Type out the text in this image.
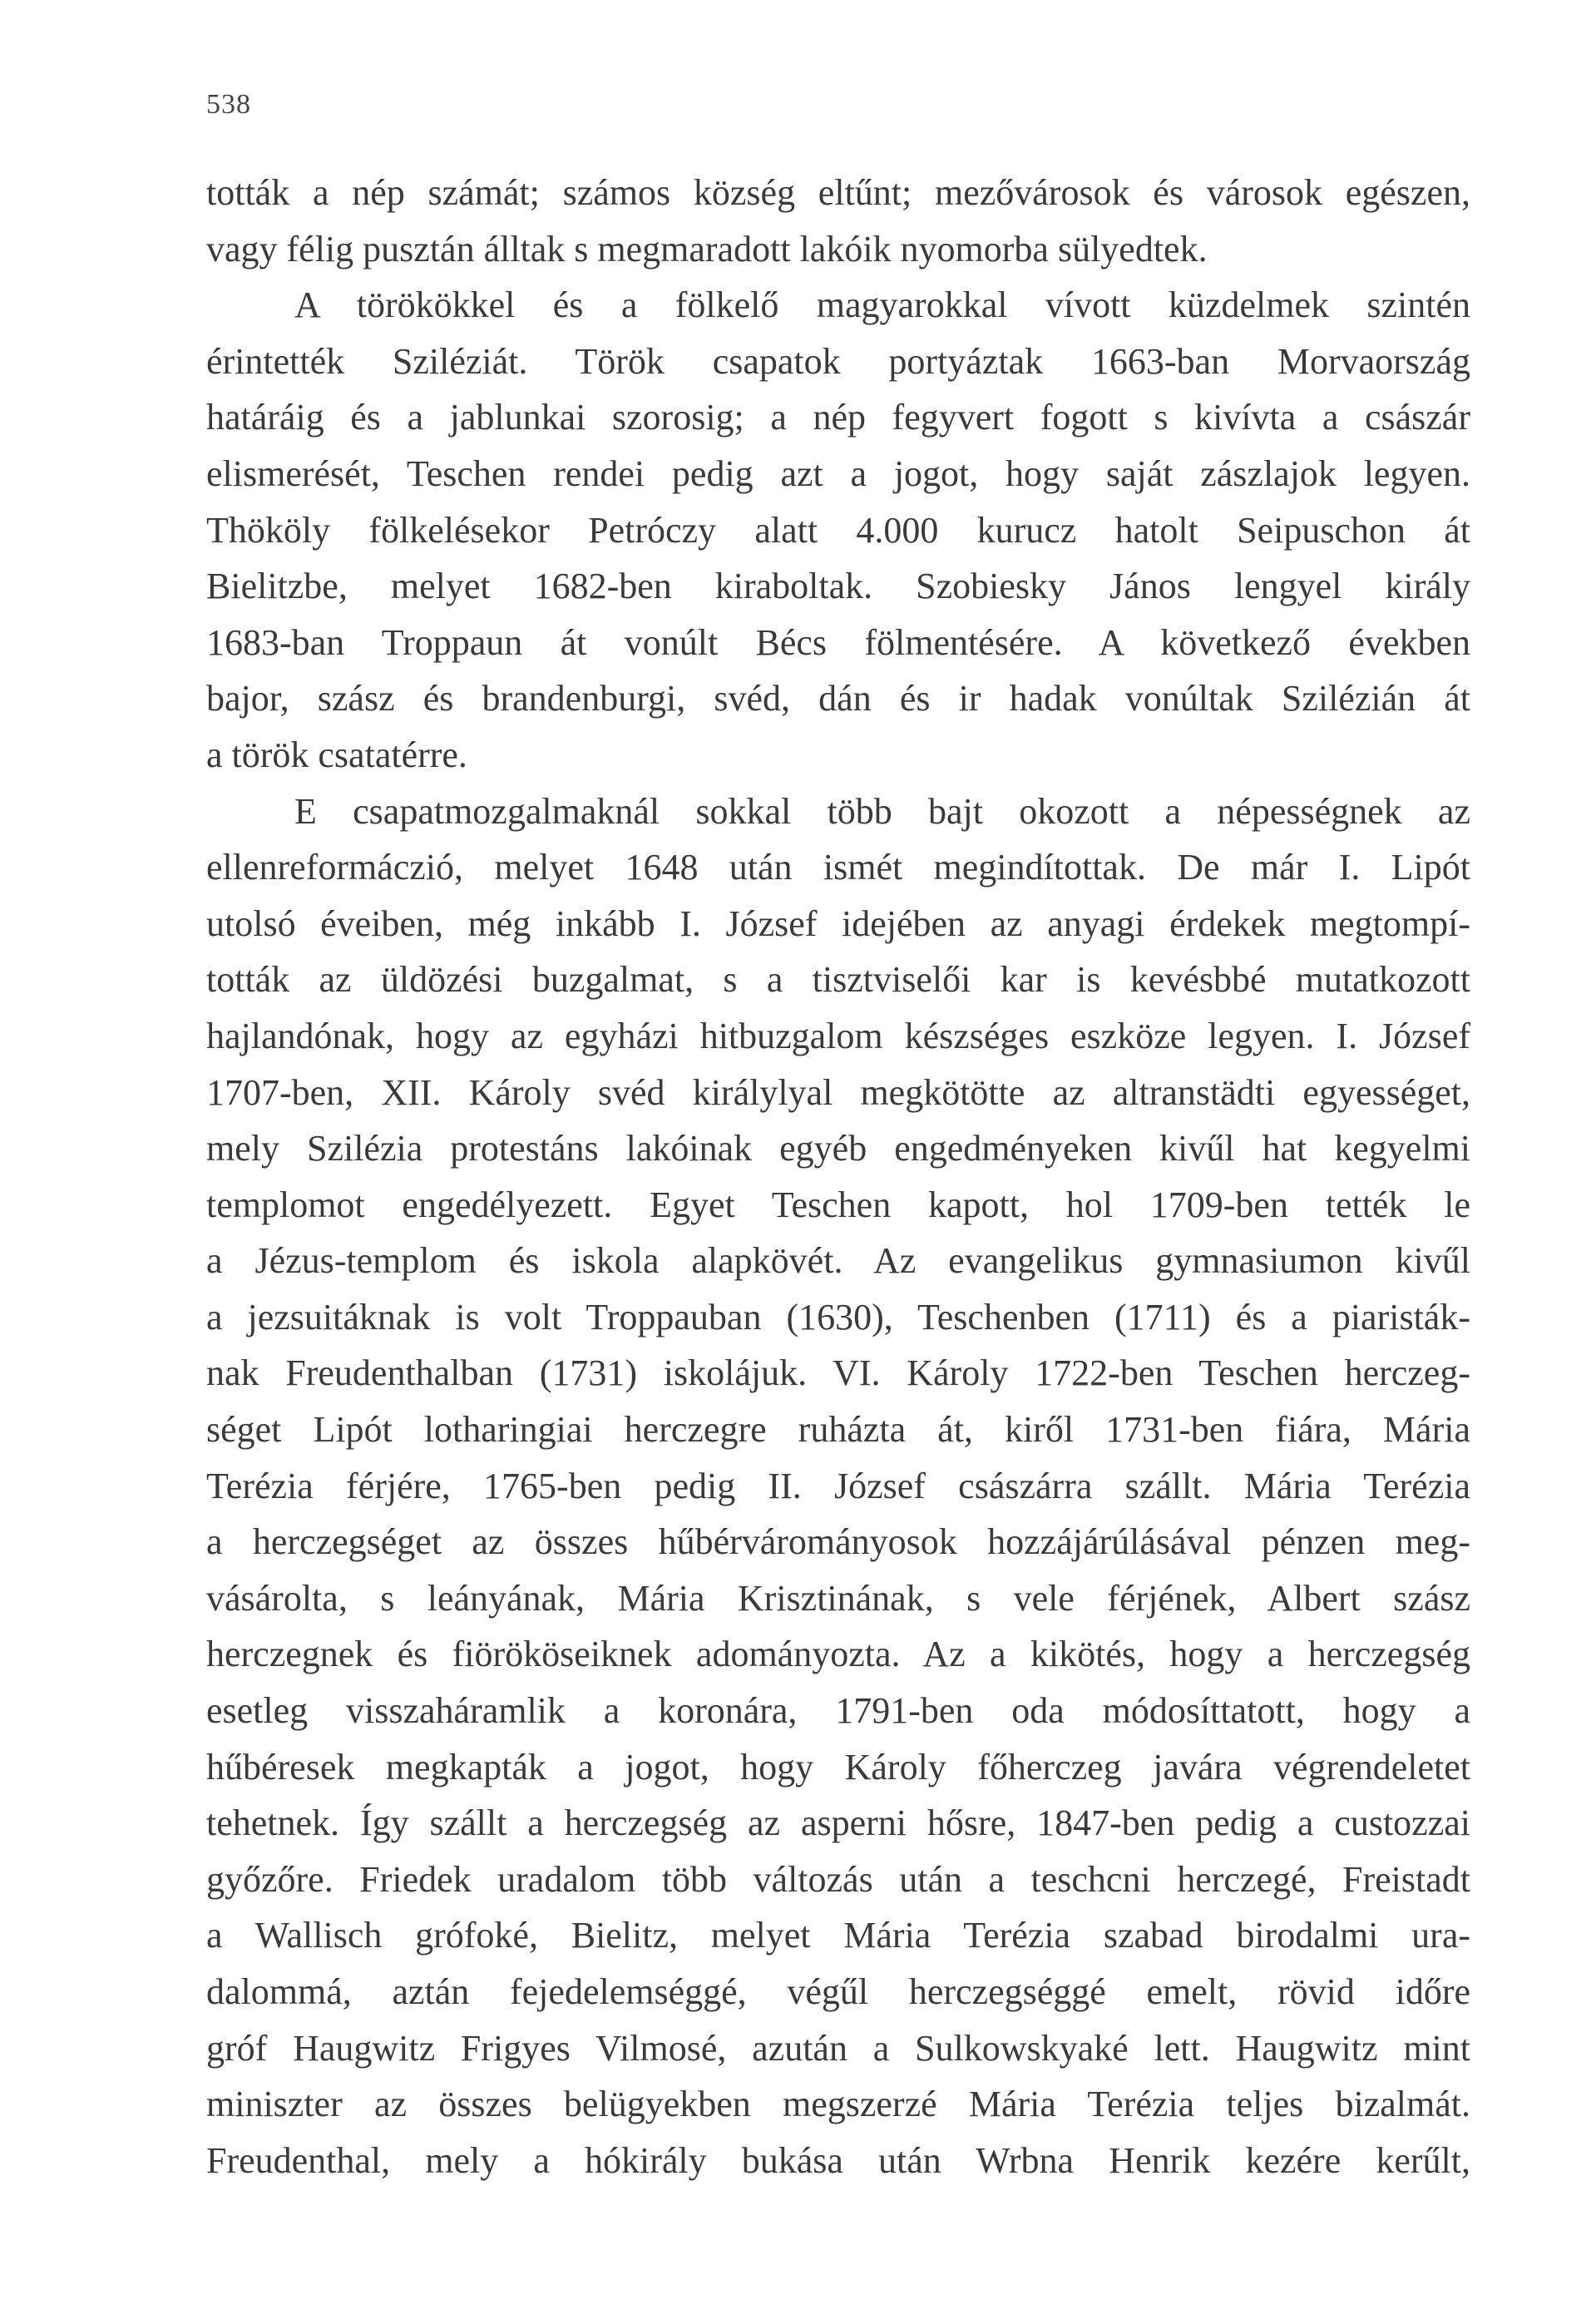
538
tották a nép számát; számos község eltűnt; mezővárosok és városok egészen,
vagy félig pusztán álltak s megmaradott lakóik nyomorba sülyedtek.
A törökökkel és a fölkelő magyarokkal vívott küzdelmek szintén
érintették Sziléziát. Török csapatok portyáztak 1663-ban Morvaország
határáig és a jablunkai szorosig; a nép fegyvert fogott s kivívta a császár
elismerését, Teschen rendei pedig azt a jogot, hogy saját zászlajok legyen.
Thököly fölkelésekor Petróczy alatt 4.000 kurucz hatolt Seipuschon át
Bielitzbe, melyet 1682-ben kiraboltak. Szobiesky János lengyel király
1683-ban Troppaun át vonúlt Bécs fölmentésére. A következő években
bajor, szász és brandenburgi, svéd, dán és ir hadak vonúltak Szilézián át
a török csatatérre.
E csapatmozgalmaknál sokkal több bajt okozott a népességnek az
ellenreformáczió, melyet 1648 után ismét megindítottak. De már I. Lipót
utolsó éveiben, még inkább I. József idejében az anyagi érdekek megtompí-
tották az üldözési buzgalmat, s a tisztviselői kar is kevésbbé mutatkozott
hajlandónak, hogy az egyházi hitbuzgalom készséges eszköze legyen. I. József
1707-ben, XII. Károly svéd királylyal megkötötte az altranstädti egyességet,
mely Szilézia protestáns lakóinak egyéb engedményeken kivűl hat kegyelmi
templomot engedélyezett. Egyet Teschen kapott, hol 1709-ben tették le
a Jézus-templom és iskola alapkövét. Az evangelikus gymnasiumon kivűl
a jezsuitáknak is volt Troppauban (1630), Teschenben (1711) és a piaristák-
nak Freudenthalban (1731) iskolájuk. VI. Károly 1722-ben Teschen herczeg-
séget Lipót lotharingiai herczegre ruházta át, kiről 1731-ben fiára, Mária
Terézia férjére, 1765-ben pedig II. József császárra szállt. Mária Terézia
a herczegséget az összes hűbérvárományosok hozzájárúlásával pénzen meg-
vásárolta, s leányának, Mária Krisztinának, s vele férjének, Albert szász
herczegnek és fiörököseiknek adományozta. Az a kikötés, hogy a herczegség
esetleg visszaháramlik a koronára, 1791-ben oda módosíttatott, hogy a
hűbéresek megkapták a jogot, hogy Károly főherczeg javára végrendeletet
tehetnek. Így szállt a herczegség az asperni hősre, 1847-ben pedig a custozzai
győzőre. Friedek uradalom több változás után a teschcni herczegé, Freistadt
a Wallisch grófoké, Bielitz, melyet Mária Terézia szabad birodalmi ura-
dalommá, aztán fejedelemséggé, végűl herczegséggé emelt, rövid időre
gróf Haugwitz Frigyes Vilmosé, azután a Sulkowskyaké lett. Haugwitz mint
miniszter az összes belügyekben megszerzé Mária Terézia teljes bizalmát.
Freudenthal, mely a hókirály bukása után Wrbna Henrik kezére kerűlt,
